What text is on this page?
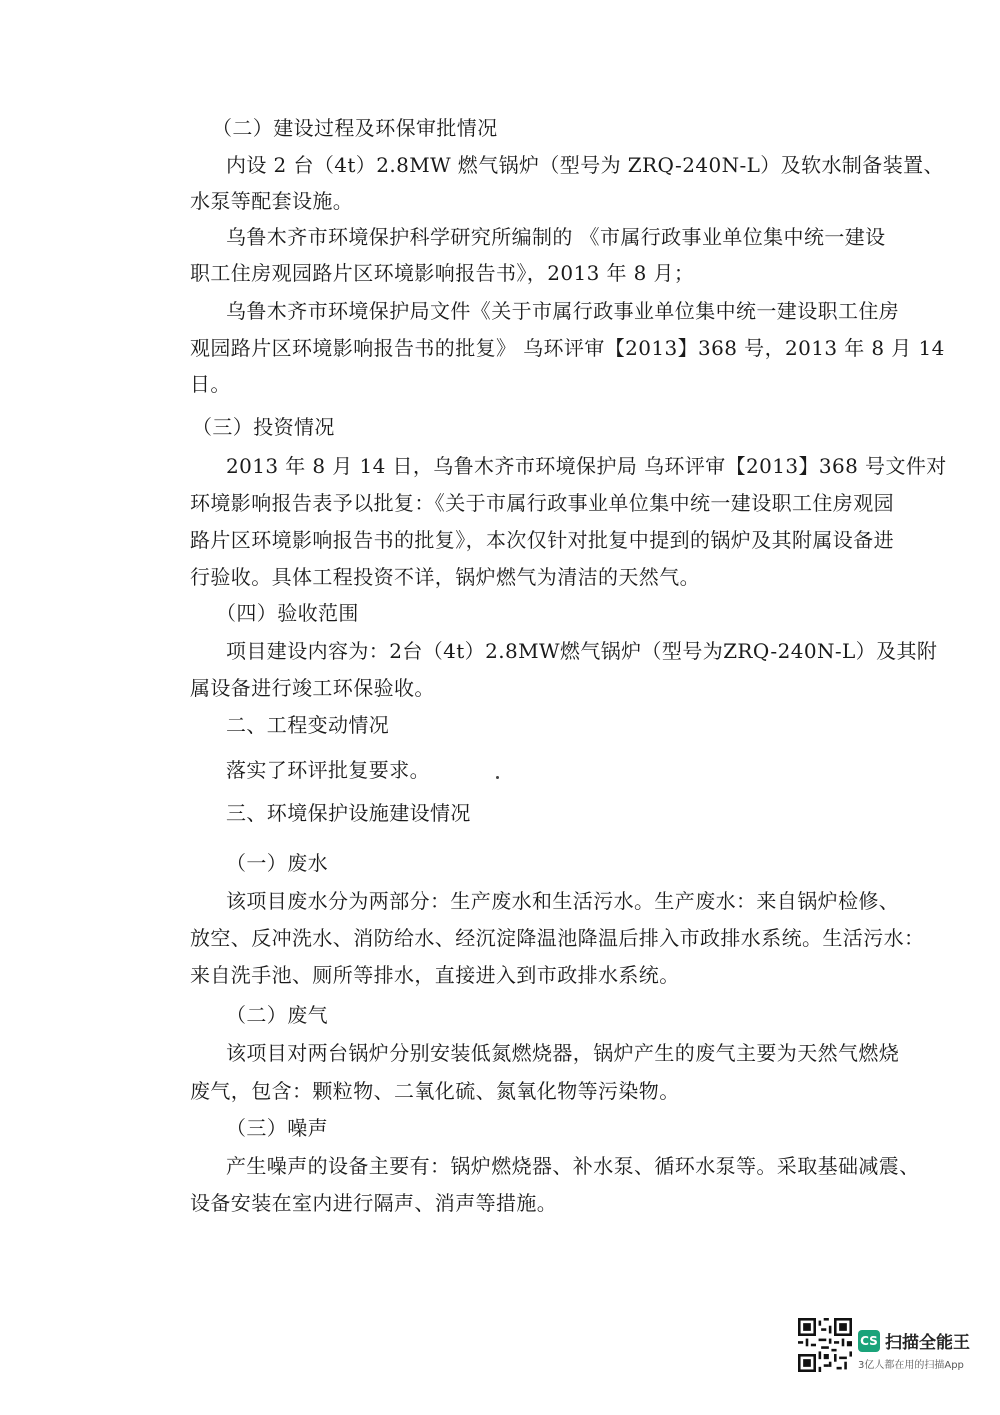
（二）建设过程及环保审批情况
内设 2 台（4t）2.8MW 燃气锅炉（型号为 ZRQ-240N-L）及软水制备装置、
水泵等配套设施。
乌鲁木齐市环境保护科学研究所编制的 《市属行政事业单位集中统一建设
职工住房观园路片区环境影响报告书》，2013 年 8 月；
乌鲁木齐市环境保护局文件《关于市属行政事业单位集中统一建设职工住房
观园路片区环境影响报告书的批复》 乌环评审【2013】368 号，2013 年 8 月 14
日。
（三）投资情况
2013 年 8 月 14 日，乌鲁木齐市环境保护局 乌环评审【2013】368 号文件对
环境影响报告表予以批复：《关于市属行政事业单位集中统一建设职工住房观园
路片区环境影响报告书的批复》，本次仅针对批复中提到的锅炉及其附属设备进
行验收。具体工程投资不详，锅炉燃气为清洁的天然气。
（四）验收范围
项目建设内容为：2台（4t）2.8MW燃气锅炉（型号为ZRQ-240N-L）及其附
属设备进行竣工环保验收。
二、工程变动情况
落实了环评批复要求。
三、环境保护设施建设情况
（一）废水
该项目废水分为两部分：生产废水和生活污水。生产废水：来自锅炉检修、
放空、反冲洗水、消防给水、经沉淀降温池降温后排入市政排水系统。生活污水：
来自洗手池、厕所等排水，直接进入到市政排水系统。
（二）废气
该项目对两台锅炉分别安装低氮燃烧器，锅炉产生的废气主要为天然气燃烧
废气，包含：颗粒物、二氧化硫、氮氧化物等污染物。
（三）噪声
产生噪声的设备主要有：锅炉燃烧器、补水泵、循环水泵等。采取基础减震、
设备安装在室内进行隔声、消声等措施。
CS 扫描全能王
3亿人都在用的扫描App
